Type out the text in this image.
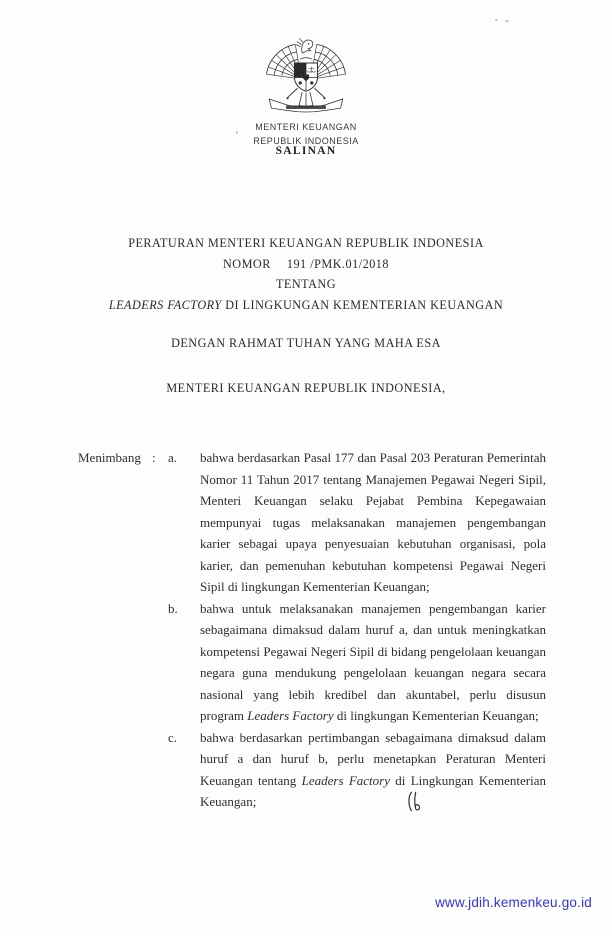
MENTERI KEUANGAN
REPUBLIK INDONESIA
SALINAN
PERATURAN MENTERI KEUANGAN REPUBLIK INDONESIA
NOMOR 191 /PMK.01/2018
TENTANG
LEADERS FACTORY DI LINGKUNGAN KEMENTERIAN KEUANGAN
DENGAN RAHMAT TUHAN YANG MAHA ESA
MENTERI KEUANGAN REPUBLIK INDONESIA,
Menimbang : a.	bahwa berdasarkan Pasal 177 dan Pasal 203 Peraturan Pemerintah Nomor 11 Tahun 2017 tentang Manajemen Pegawai Negeri Sipil, Menteri Keuangan selaku Pejabat Pembina Kepegawaian mempunyai tugas melaksanakan manajemen pengembangan karier sebagai upaya penyesuaian kebutuhan organisasi, pola karier, dan pemenuhan kebutuhan kompetensi Pegawai Negeri Sipil di lingkungan Kementerian Keuangan;
b.	bahwa untuk melaksanakan manajemen pengembangan karier sebagaimana dimaksud dalam huruf a, dan untuk meningkatkan kompetensi Pegawai Negeri Sipil di bidang pengelolaan keuangan negara guna mendukung pengelolaan keuangan negara secara nasional yang lebih kredibel dan akuntabel, perlu disusun program Leaders Factory di lingkungan Kementerian Keuangan;
c.	bahwa berdasarkan pertimbangan sebagaimana dimaksud dalam huruf a dan huruf b, perlu menetapkan Peraturan Menteri Keuangan tentang Leaders Factory di Lingkungan Kementerian Keuangan;
www.jdih.kemenkeu.go.id
